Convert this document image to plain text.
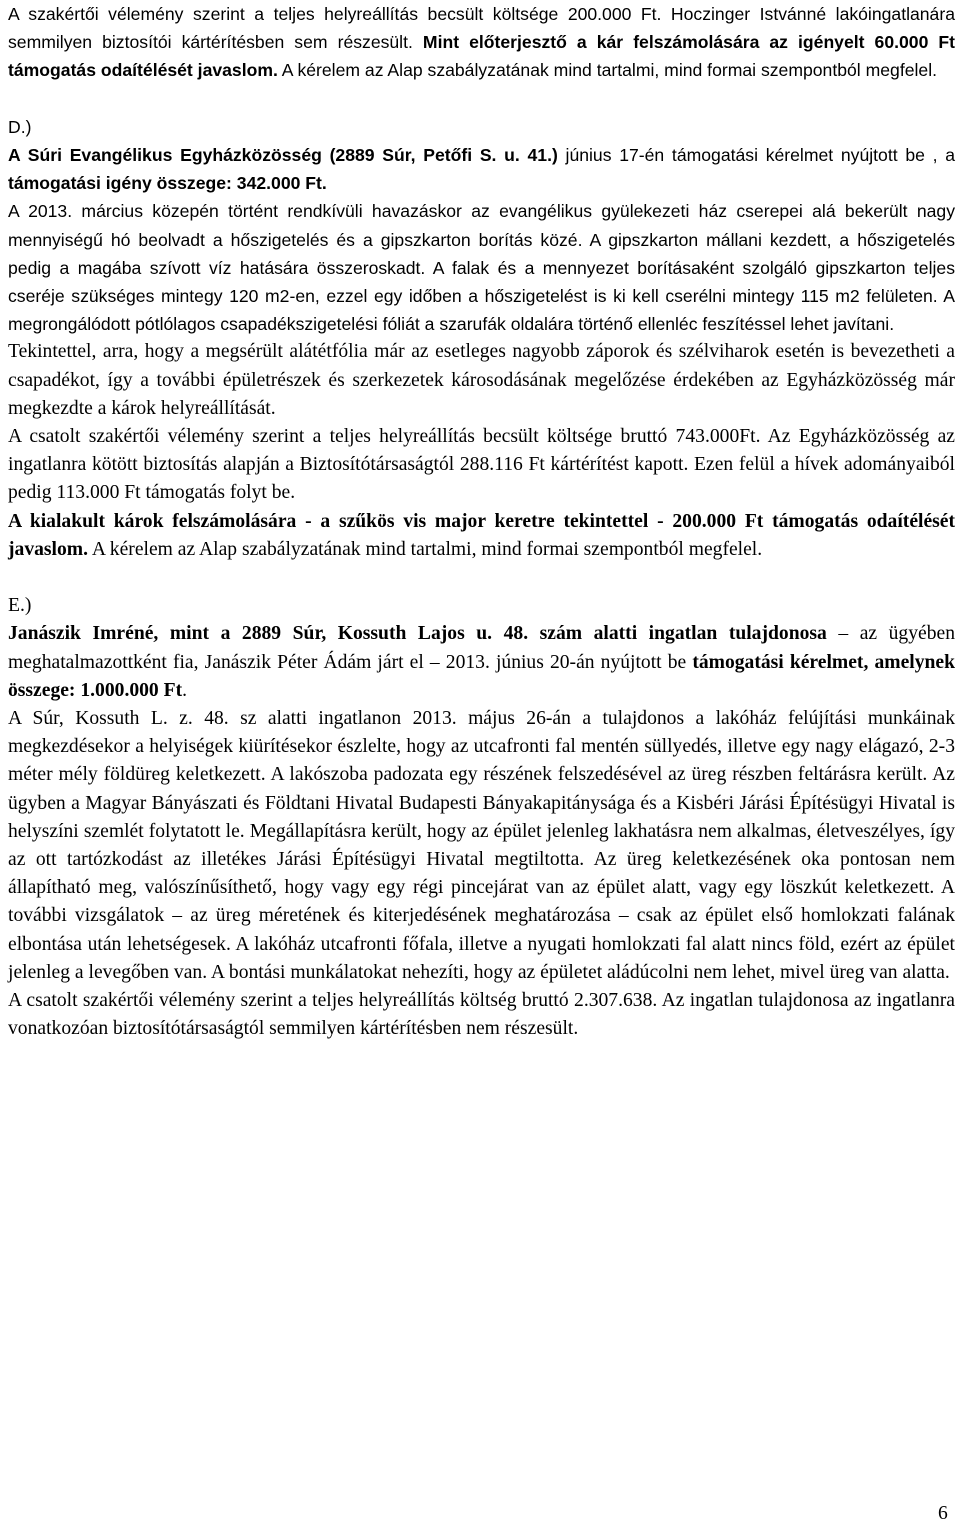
A szakértői vélemény szerint a teljes helyreállítás becsült költsége 200.000 Ft. Hoczinger Istvánné lakóingatlanára semmilyen biztosítói kártérítésben sem részesült. Mint előterjesztő a kár felszámolására az igényelt 60.000 Ft támogatás odaítélését javaslom. A kérelem az Alap szabályzatának mind tartalmi, mind formai szempontból megfelel.

D.)

A Súri Evangélikus Egyházközösség (2889 Súr, Petőfi S. u. 41.) június 17-én támogatási kérelmet nyújtott be , a támogatási igény összege: 342.000 Ft.

A 2013. március közepén történt rendkívüli havazáskor az evangélikus gyülekezeti ház cserepei alá bekerült nagy mennyiségű hó beolvadt a hőszigetelés és a gipszkarton borítás közé. A gipszkarton mállani kezdett, a hőszigetelés pedig a magába szívott víz hatására összeroskadt. A falak és a mennyezet borításaként szolgáló gipszkarton teljes cseréje szükséges mintegy 120 m2-en, ezzel egy időben a hőszigetelést is ki kell cserélni mintegy 115 m2 felületen. A megrongálódott pótlólagos csapadékszigetelési fóliát a szarufák oldalára történő ellenléc feszítéssel lehet javítani.

Tekintettel, arra, hogy a megsérült alátétfólia már az esetleges nagyobb záporok és szélviharok esetén is bevezetheti a csapadékot, így a további épületrészek és szerkezetek károsodásának megelőzése érdekében az Egyházközösség már megkezdte a károk helyreállítását.

A csatolt szakértői vélemény szerint a teljes helyreállítás becsült költsége bruttó 743.000Ft. Az Egyházközösség az ingatlanra kötött biztosítás alapján a Biztosítótársaságtól 288.116 Ft kártérítést kapott. Ezen felül a hívek adományaiból pedig 113.000 Ft támogatás folyt be.

A kialakult károk felszámolására - a szűkös vis major keretre tekintettel - 200.000 Ft támogatás odaítélését javaslom. A kérelem az Alap szabályzatának mind tartalmi, mind formai szempontból megfelel.

E.)

Janászik Imréné, mint a 2889 Súr, Kossuth Lajos u. 48. szám alatti ingatlan tulajdonosa – az ügyében meghatalmazottként fia, Janászik Péter Ádám járt el – 2013. június 20-án nyújtott be támogatási kérelmet, amelynek összege: 1.000.000 Ft.

A Súr, Kossuth L. z. 48. sz alatti ingatlanon 2013. május 26-án a tulajdonos a lakóház felújítási munkáinak megkezdésekor a helyiségek kiürítésekor észlelte, hogy az utcafronti fal mentén süllyedés, illetve egy nagy elágazó, 2-3 méter mély földüreg keletkezett. A lakószoba padozata egy részének felszedésével az üreg részben feltárásra került. Az ügyben a Magyar Bányászati és Földtani Hivatal Budapesti Bányakapitánysága és a Kisbéri Járási Építésügyi Hivatal is helyszíni szemlét folytatott le. Megállapításra került, hogy az épület jelenleg lakhatásra nem alkalmas, életveszélyes, így az ott tartózkodást az illetékes Járási Építésügyi Hivatal megtiltotta. Az üreg keletkezésének oka pontosan nem állapítható meg, valószínűsíthető, hogy vagy egy régi pincejárat van az épület alatt, vagy egy löszkút keletkezett. A további vizsgálatok – az üreg méretének és kiterjedésének meghatározása – csak az épület első homlokzati falának elbontása után lehetségesek. A lakóház utcafronti főfala, illetve a nyugati homlokzati fal alatt nincs föld, ezért az épület jelenleg a levegőben van. A bontási munkálatokat nehezíti, hogy az épületet aládúcolni nem lehet, mivel üreg van alatta.

A csatolt szakértői vélemény szerint a teljes helyreállítás költség bruttó 2.307.638. Az ingatlan tulajdonosa az ingatlanra vonatkozóan biztosítótársaságtól semmilyen kártérítésben nem részesült.

6
